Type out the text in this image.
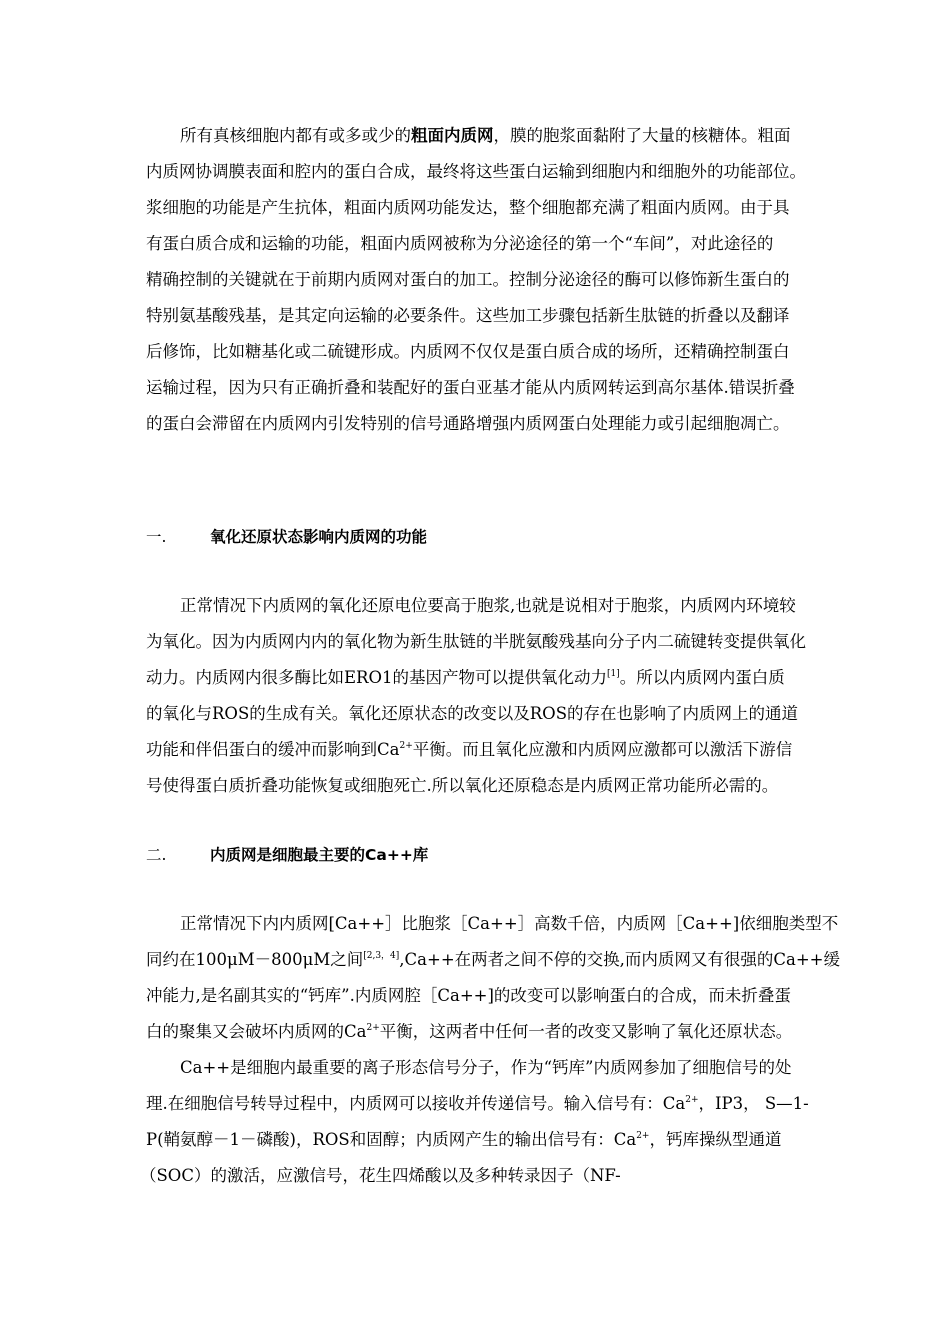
所有真核细胞内都有或多或少的粗面内质网，膜的胞浆面黏附了大量的核糖体。粗面
内质网协调膜表面和腔内的蛋白合成，最终将这些蛋白运输到细胞内和细胞外的功能部位。
浆细胞的功能是产生抗体，粗面内质网功能发达，整个细胞都充满了粗面内质网。由于具
有蛋白质合成和运输的功能，粗面内质网被称为分泌途径的第一个“车间”，对此途径的
精确控制的关键就在于前期内质网对蛋白的加工。控制分泌途径的酶可以修饰新生蛋白的
特别氨基酸残基，是其定向运输的必要条件。这些加工步骤包括新生肽链的折叠以及翻译
后修饰，比如糖基化或二硫键形成。内质网不仅仅是蛋白质合成的场所，还精确控制蛋白
运输过程，因为只有正确折叠和装配好的蛋白亚基才能从内质网转运到高尔基体.错误折叠
的蛋白会滞留在内质网内引发特别的信号通路增强内质网蛋白处理能力或引起细胞凋亡。
一.	氧化还原状态影响内质网的功能
正常情况下内质网的氧化还原电位要高于胞浆,也就是说相对于胞浆，内质网内环境较
为氧化。因为内质网内内的氧化物为新生肽链的半胱氨酸残基向分子内二硫键转变提供氧化
动力。内质网内很多酶比如ERO1的基因产物可以提供氧化动力[1]。所以内质网内蛋白质
的氧化与ROS的生成有关。氧化还原状态的改变以及ROS的存在也影响了内质网上的通道
功能和伴侣蛋白的缓冲而影响到$Ca^{2+}$平衡。而且氧化应激和内质网应激都可以激活下游信
号使得蛋白质折叠功能恢复或细胞死亡.所以氧化还原稳态是内质网正常功能所必需的。
二.	内质网是细胞最主要的Ca++库
正常情况下内内质网[Ca++］比胞浆［Ca++］高数千倍，内质网［Ca++]依细胞类型不
同约在100μM－800μM之间[2,3，4],Ca++在两者之间不停的交换,而内质网又有很强的Ca++缓
冲能力,是名副其实的“钙库”.内质网腔［Ca++]的改变可以影响蛋白的合成，而未折叠蛋
白的聚集又会破坏内质网的$Ca^{2+}$平衡，这两者中任何一者的改变又影响了氧化还原状态。
Ca++是细胞内最重要的离子形态信号分子，作为“钙库”内质网参加了细胞信号的处
理.在细胞信号转导过程中，内质网可以接收并传递信号。输入信号有：$Ca^{2+}$，IP3， S—1-
P(鞘氨醇－1－磷酸)，ROS和固醇；内质网产生的输出信号有：$Ca^{2+}$，钙库操纵型通道
（SOC）的激活，应激信号，花生四烯酸以及多种转录因子（NF-
